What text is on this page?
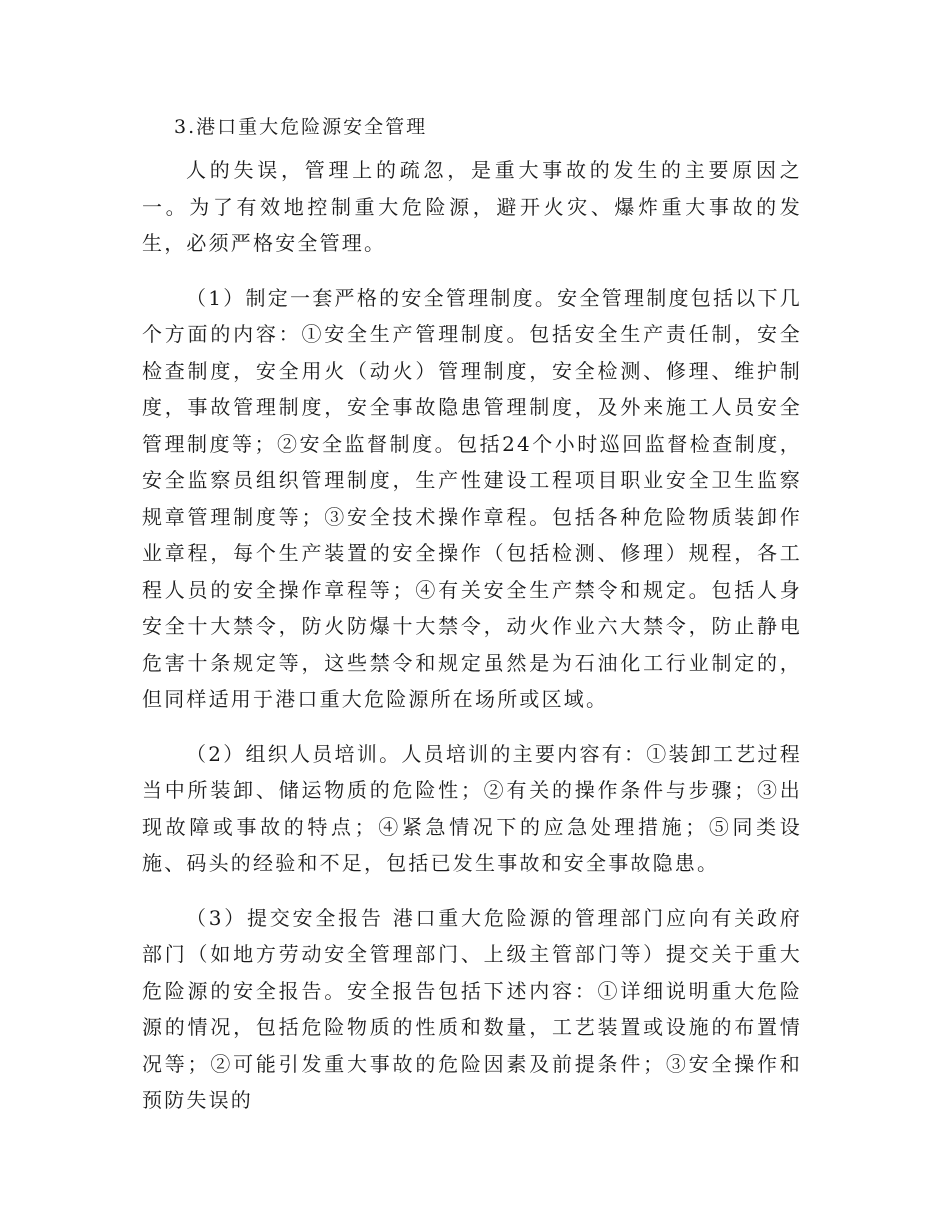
3.港口重大危险源安全管理

人的失误，管理上的疏忽，是重大事故的发生的主要原因之一。为了有效地控制重大危险源，避开火灾、爆炸重大事故的发生，必须严格安全管理。

（1）制定一套严格的安全管理制度。安全管理制度包括以下几个方面的内容：①安全生产管理制度。包括安全生产责任制，安全检查制度，安全用火（动火）管理制度，安全检测、修理、维护制度，事故管理制度，安全事故隐患管理制度，及外来施工人员安全管理制度等；②安全监督制度。包括24个小时巡回监督检查制度，安全监察员组织管理制度，生产性建设工程项目职业安全卫生监察规章管理制度等；③安全技术操作章程。包括各种危险物质装卸作业章程，每个生产装置的安全操作（包括检测、修理）规程，各工程人员的安全操作章程等；④有关安全生产禁令和规定。包括人身安全十大禁令，防火防爆十大禁令，动火作业六大禁令，防止静电危害十条规定等，这些禁令和规定虽然是为石油化工行业制定的，但同样适用于港口重大危险源所在场所或区域。

（2）组织人员培训。人员培训的主要内容有：①装卸工艺过程当中所装卸、储运物质的危险性；②有关的操作条件与步骤；③出现故障或事故的特点；④紧急情况下的应急处理措施；⑤同类设施、码头的经验和不足，包括已发生事故和安全事故隐患。

（3）提交安全报告 港口重大危险源的管理部门应向有关政府部门（如地方劳动安全管理部门、上级主管部门等）提交关于重大危险源的安全报告。安全报告包括下述内容：①详细说明重大危险源的情况，包括危险物质的性质和数量，工艺装置或设施的布置情况等；②可能引发重大事故的危险因素及前提条件；③安全操作和预防失误的
